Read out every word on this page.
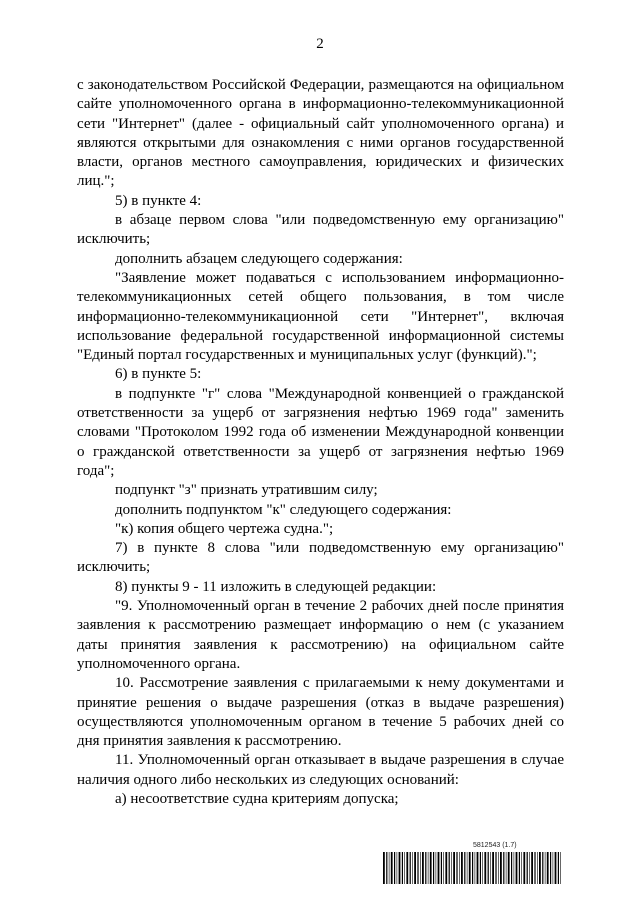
2

с законодательством Российской Федерации, размещаются на официальном сайте уполномоченного органа в информационно-телекоммуникационной сети "Интернет" (далее - официальный сайт уполномоченного органа) и являются открытыми для ознакомления с ними органов государственной власти, органов местного самоуправления, юридических и физических лиц.";

5) в пункте 4:

в абзаце первом слова "или подведомственную ему организацию" исключить;

дополнить абзацем следующего содержания:

"Заявление может подаваться с использованием информационно-телекоммуникационных сетей общего пользования, в том числе информационно-телекоммуникационной сети "Интернет", включая использование федеральной государственной информационной системы "Единый портал государственных и муниципальных услуг (функций).";

6) в пункте 5:

в подпункте "г" слова "Международной конвенцией о гражданской ответственности за ущерб от загрязнения нефтью 1969 года" заменить словами "Протоколом 1992 года об изменении Международной конвенции о гражданской ответственности за ущерб от загрязнения нефтью 1969 года";

подпункт "з" признать утратившим силу;

дополнить подпунктом "к" следующего содержания:

"к) копия общего чертежа судна.";

7) в пункте 8 слова "или подведомственную ему организацию" исключить;

8) пункты 9 - 11 изложить в следующей редакции:

"9. Уполномоченный орган в течение 2 рабочих дней после принятия заявления к рассмотрению размещает информацию о нем (с указанием даты принятия заявления к рассмотрению) на официальном сайте уполномоченного органа.

10. Рассмотрение заявления с прилагаемыми к нему документами и принятие решения о выдаче разрешения (отказ в выдаче разрешения) осуществляются уполномоченным органом в течение 5 рабочих дней со дня принятия заявления к рассмотрению.

11. Уполномоченный орган отказывает в выдаче разрешения в случае наличия одного либо нескольких из следующих оснований:

а) несоответствие судна критериям допуска;

5812543 (1.7)
